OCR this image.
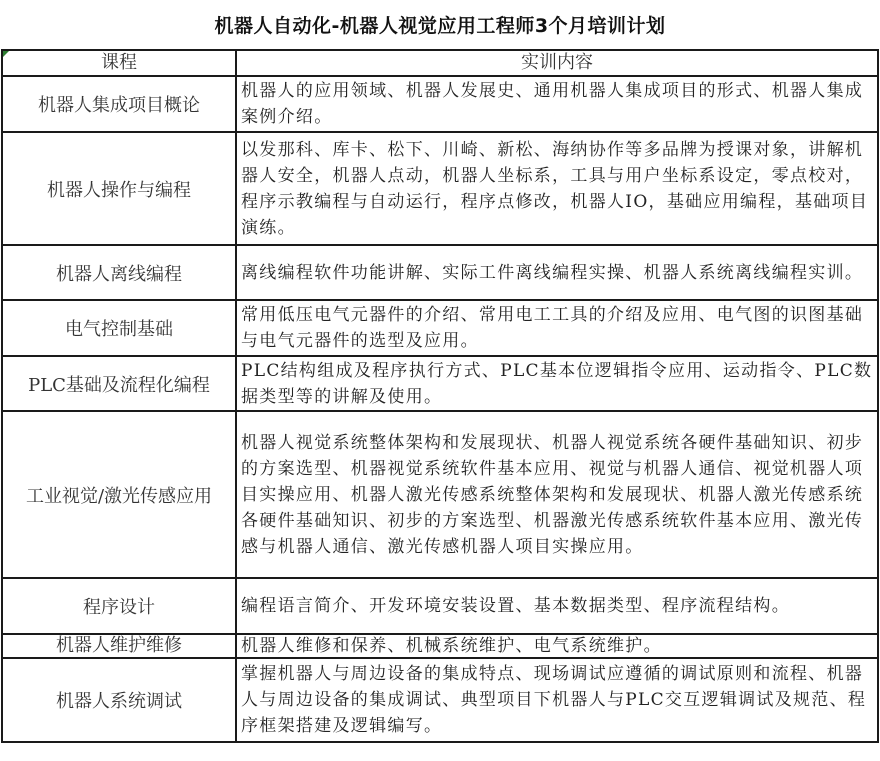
机器人自动化-机器人视觉应用工程师3个月培训计划
课程	实训内容
机器人集成项目概论	机器人的应用领域、机器人发展史、通用机器人集成项目的形式、机器人集成案例介绍。
机器人操作与编程	以发那科、库卡、松下、川崎、新松、海纳协作等多品牌为授课对象，讲解机器人安全，机器人点动，机器人坐标系，工具与用户坐标系设定，零点校对，程序示教编程与自动运行，程序点修改，机器人IO，基础应用编程，基础项目演练。
机器人离线编程	离线编程软件功能讲解、实际工件离线编程实操、机器人系统离线编程实训。
电气控制基础	常用低压电气元器件的介绍、常用电工工具的介绍及应用、电气图的识图基础与电气元器件的选型及应用。
PLC基础及流程化编程	PLC结构组成及程序执行方式、PLC基本位逻辑指令应用、运动指令、PLC数据类型等的讲解及使用。
工业视觉/激光传感应用	机器人视觉系统整体架构和发展现状、机器人视觉系统各硬件基础知识、初步的方案选型、机器视觉系统软件基本应用、视觉与机器人通信、视觉机器人项目实操应用、机器人激光传感系统整体架构和发展现状、机器人激光传感系统各硬件基础知识、初步的方案选型、机器激光传感系统软件基本应用、激光传感与机器人通信、激光传感机器人项目实操应用。
程序设计	编程语言简介、开发环境安装设置、基本数据类型、程序流程结构。
机器人维护维修	机器人维修和保养、机械系统维护、电气系统维护。
机器人系统调试	掌握机器人与周边设备的集成特点、现场调试应遵循的调试原则和流程、机器人与周边设备的集成调试、典型项目下机器人与PLC交互逻辑调试及规范、程序框架搭建及逻辑编写。
